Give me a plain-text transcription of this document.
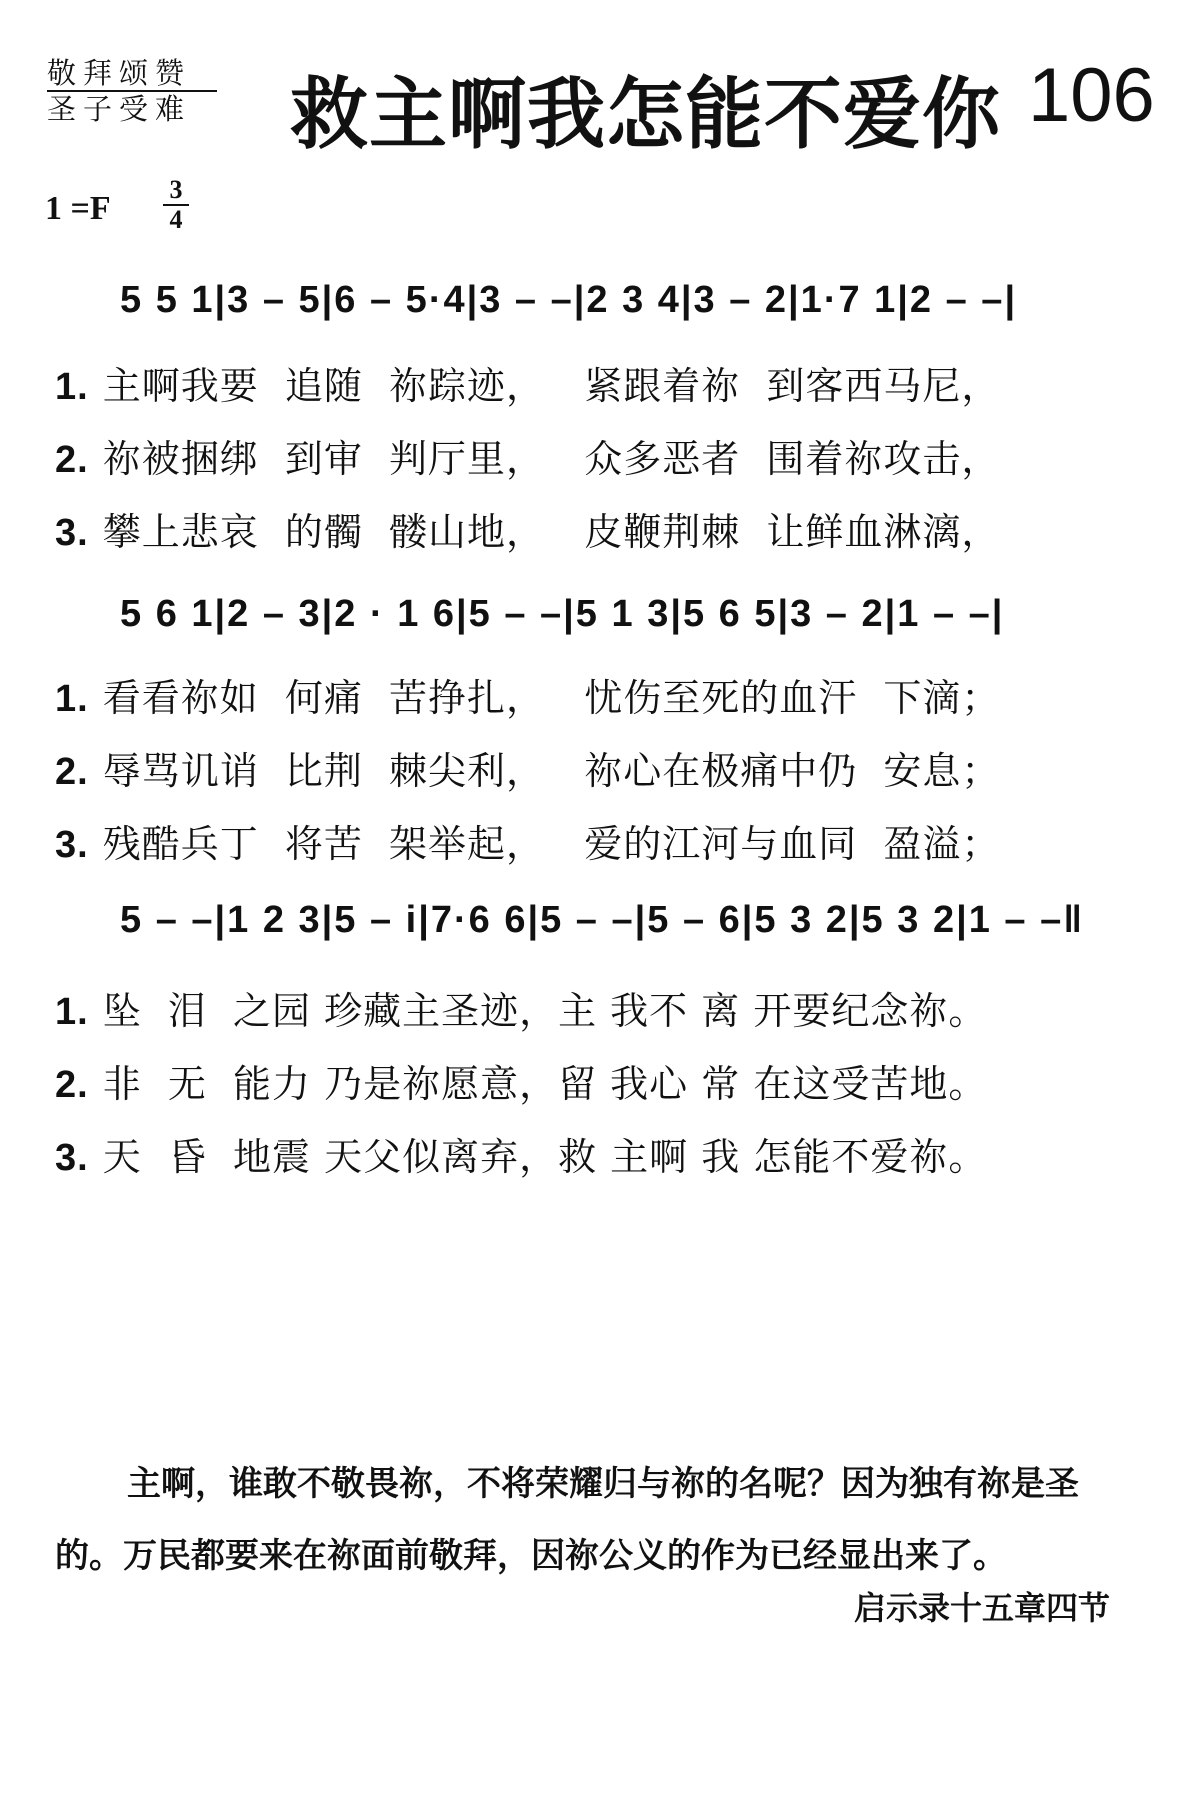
敬拜颂赞
圣子受难	救主啊我怎能不爱你 106
1 =F
3
4
5 5 1|3 – 5|6 – 5·4|3 – –|2 3 4|3 – 2|1·7 1|2 – –|
1. 主啊我要  追随  祢踪迹，   紧跟着祢  到客西马尼，
2. 祢被捆绑  到审  判厅里，   众多恶者  围着祢攻击，
3. 攀上悲哀  的髑  髅山地，   皮鞭荆棘  让鲜血淋漓，
5 6 1|2 – 3|2 · 1 6|5 – –|5 1 3|5 6 5|3 – 2|1 – –|
1. 看看祢如  何痛  苦挣扎，   忧伤至死的血汗  下滴；
2. 辱骂讥诮  比荆  棘尖利，   祢心在极痛中仍  安息；
3. 残酷兵丁  将苦  架举起，   爱的江河与血同  盈溢；
5 – –|1 2 3|5 – i|7·6 6|5 – –|5 – 6|5 3 2|5 3 2|1 – –‖
1. 坠  泪  之园 珍藏主圣迹，主 我不 离 开要纪念祢。
2. 非  无  能力 乃是祢愿意，留 我心 常 在这受苦地。
3. 天  昏  地震 天父似离弃，救 主啊 我 怎能不爱祢。

主啊，谁敢不敬畏祢，不将荣耀归与祢的名呢？因为独有祢是圣的。万民都要来在祢面前敬拜，因祢公义的作为已经显出来了。

启示录十五章四节
